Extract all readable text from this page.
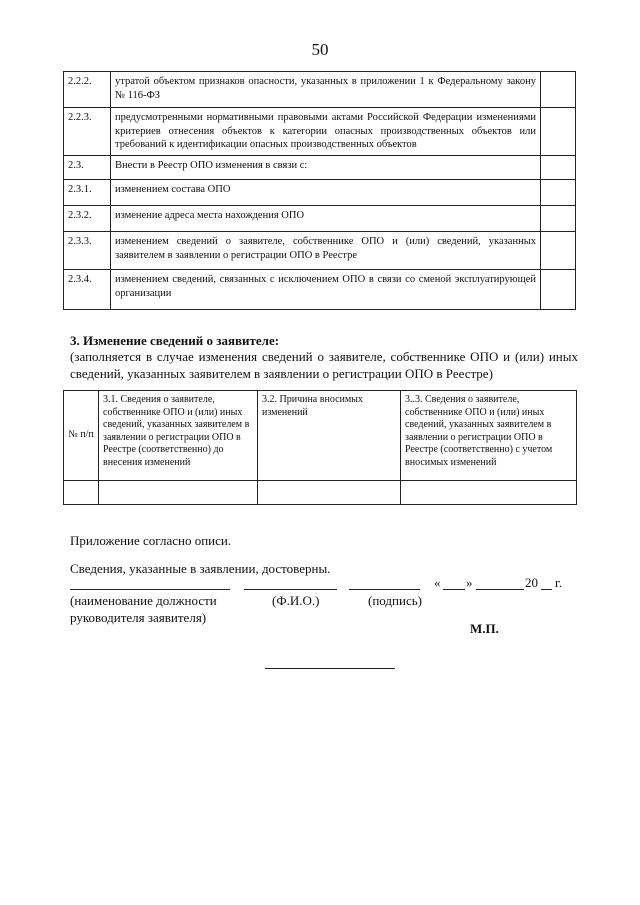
50
2.2.2.	утратой объектом признаков опасности, указанных в приложении 1 к Федеральному закону № 116-ФЗ	
2.2.3.	предусмотренными нормативными правовыми актами Российской Федерации изменениями критериев отнесения объектов к категории опасных производственных объектов или требований к идентификации опасных производственных объектов	
2.3.	Внести в Реестр ОПО изменения в связи с:	
2.3.1.	изменением состава ОПО	
2.3.2.	изменение адреса места нахождения ОПО	
2.3.3.	изменением сведений о заявителе, собственнике ОПО и (или) сведений, указанных заявителем в заявлении о регистрации ОПО в Реестре	
2.3.4.	изменением сведений, связанных с исключением ОПО в связи со сменой эксплуатирующей организации	
3. Изменение сведений о заявителе:
(заполняется в случае изменения сведений о заявителе, собственнике ОПО и (или) иных сведений, указанных заявителем в заявлении о регистрации ОПО в Реестре)
№ п/п	3.1. Сведения о заявителе, собственнике ОПО и (или) иных сведений, указанных заявителем в заявлении о регистрации ОПО в Реестре (соответственно) до внесения изменений	3.2. Причина вносимых изменений	3..3. Сведения о заявителе, собственнике ОПО и (или) иных сведений, указанных заявителем в заявлении о регистрации ОПО в Реестре (соответственно) с учетом вносимых изменений

Приложение согласно описи.
Сведения, указанные в заявлении, достоверны.
« »	20 г.
(наименование должности руководителя заявителя)
(Ф.И.О.)	(подпись)
М.П.
